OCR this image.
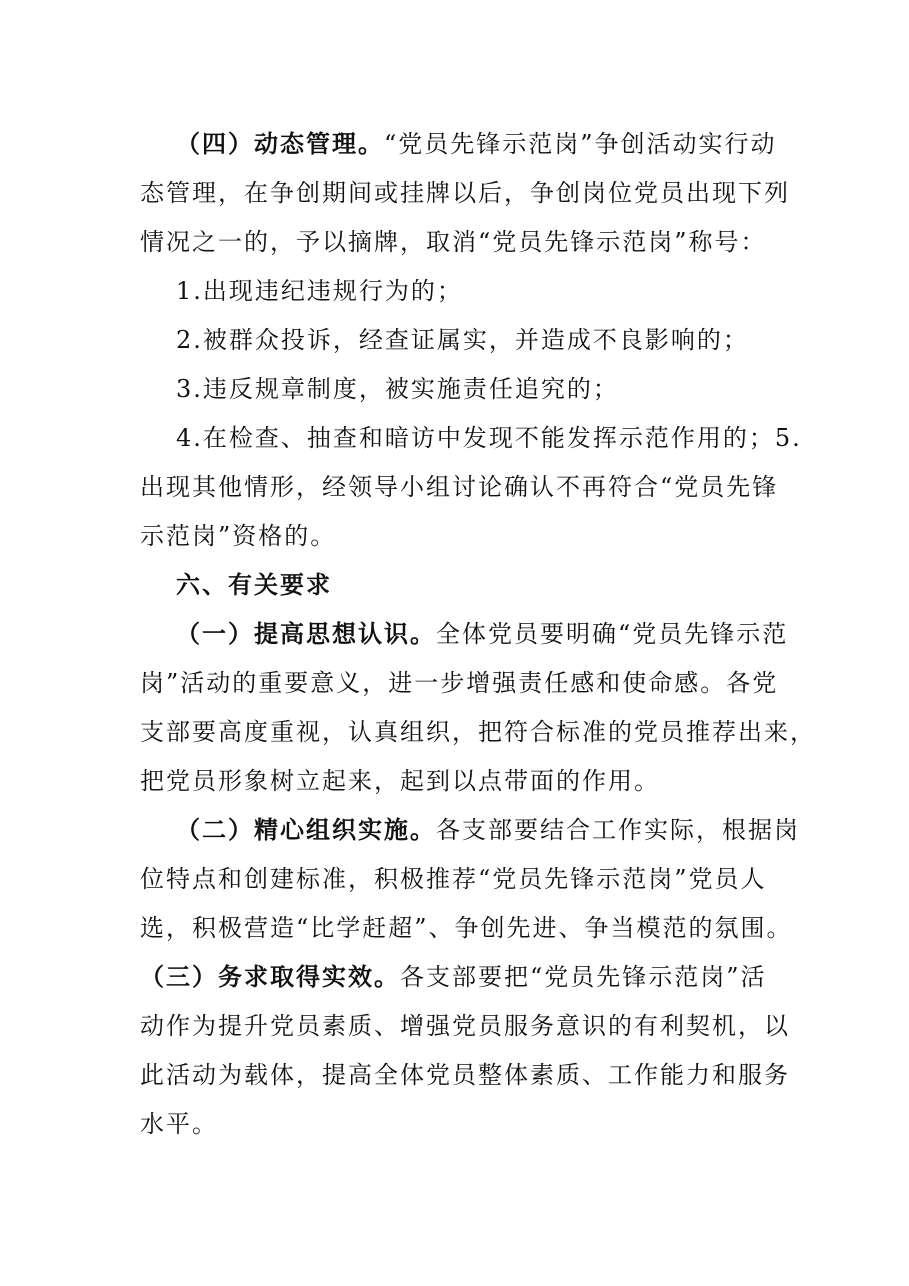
（四）动态管理。“党员先锋示范岗”争创活动实行动

态管理，在争创期间或挂牌以后，争创岗位党员出现下列

情况之一的，予以摘牌，取消“党员先锋示范岗”称号：

1.出现违纪违规行为的；

2.被群众投诉，经查证属实，并造成不良影响的；

3.违反规章制度，被实施责任追究的；

4.在检查、抽查和暗访中发现不能发挥示范作用的；5.

出现其他情形，经领导小组讨论确认不再符合“党员先锋

示范岗”资格的。

六、有关要求

（一）提高思想认识。全体党员要明确“党员先锋示范

岗”活动的重要意义，进一步增强责任感和使命感。各党

支部要高度重视，认真组织，把符合标准的党员推荐出来，

把党员形象树立起来，起到以点带面的作用。

（二）精心组织实施。各支部要结合工作实际，根据岗

位特点和创建标准，积极推荐“党员先锋示范岗”党员人

选，积极营造“比学赶超”、争创先进、争当模范的氛围。

（三）务求取得实效。各支部要把“党员先锋示范岗”活

动作为提升党员素质、增强党员服务意识的有利契机，以

此活动为载体，提高全体党员整体素质、工作能力和服务

水平。
